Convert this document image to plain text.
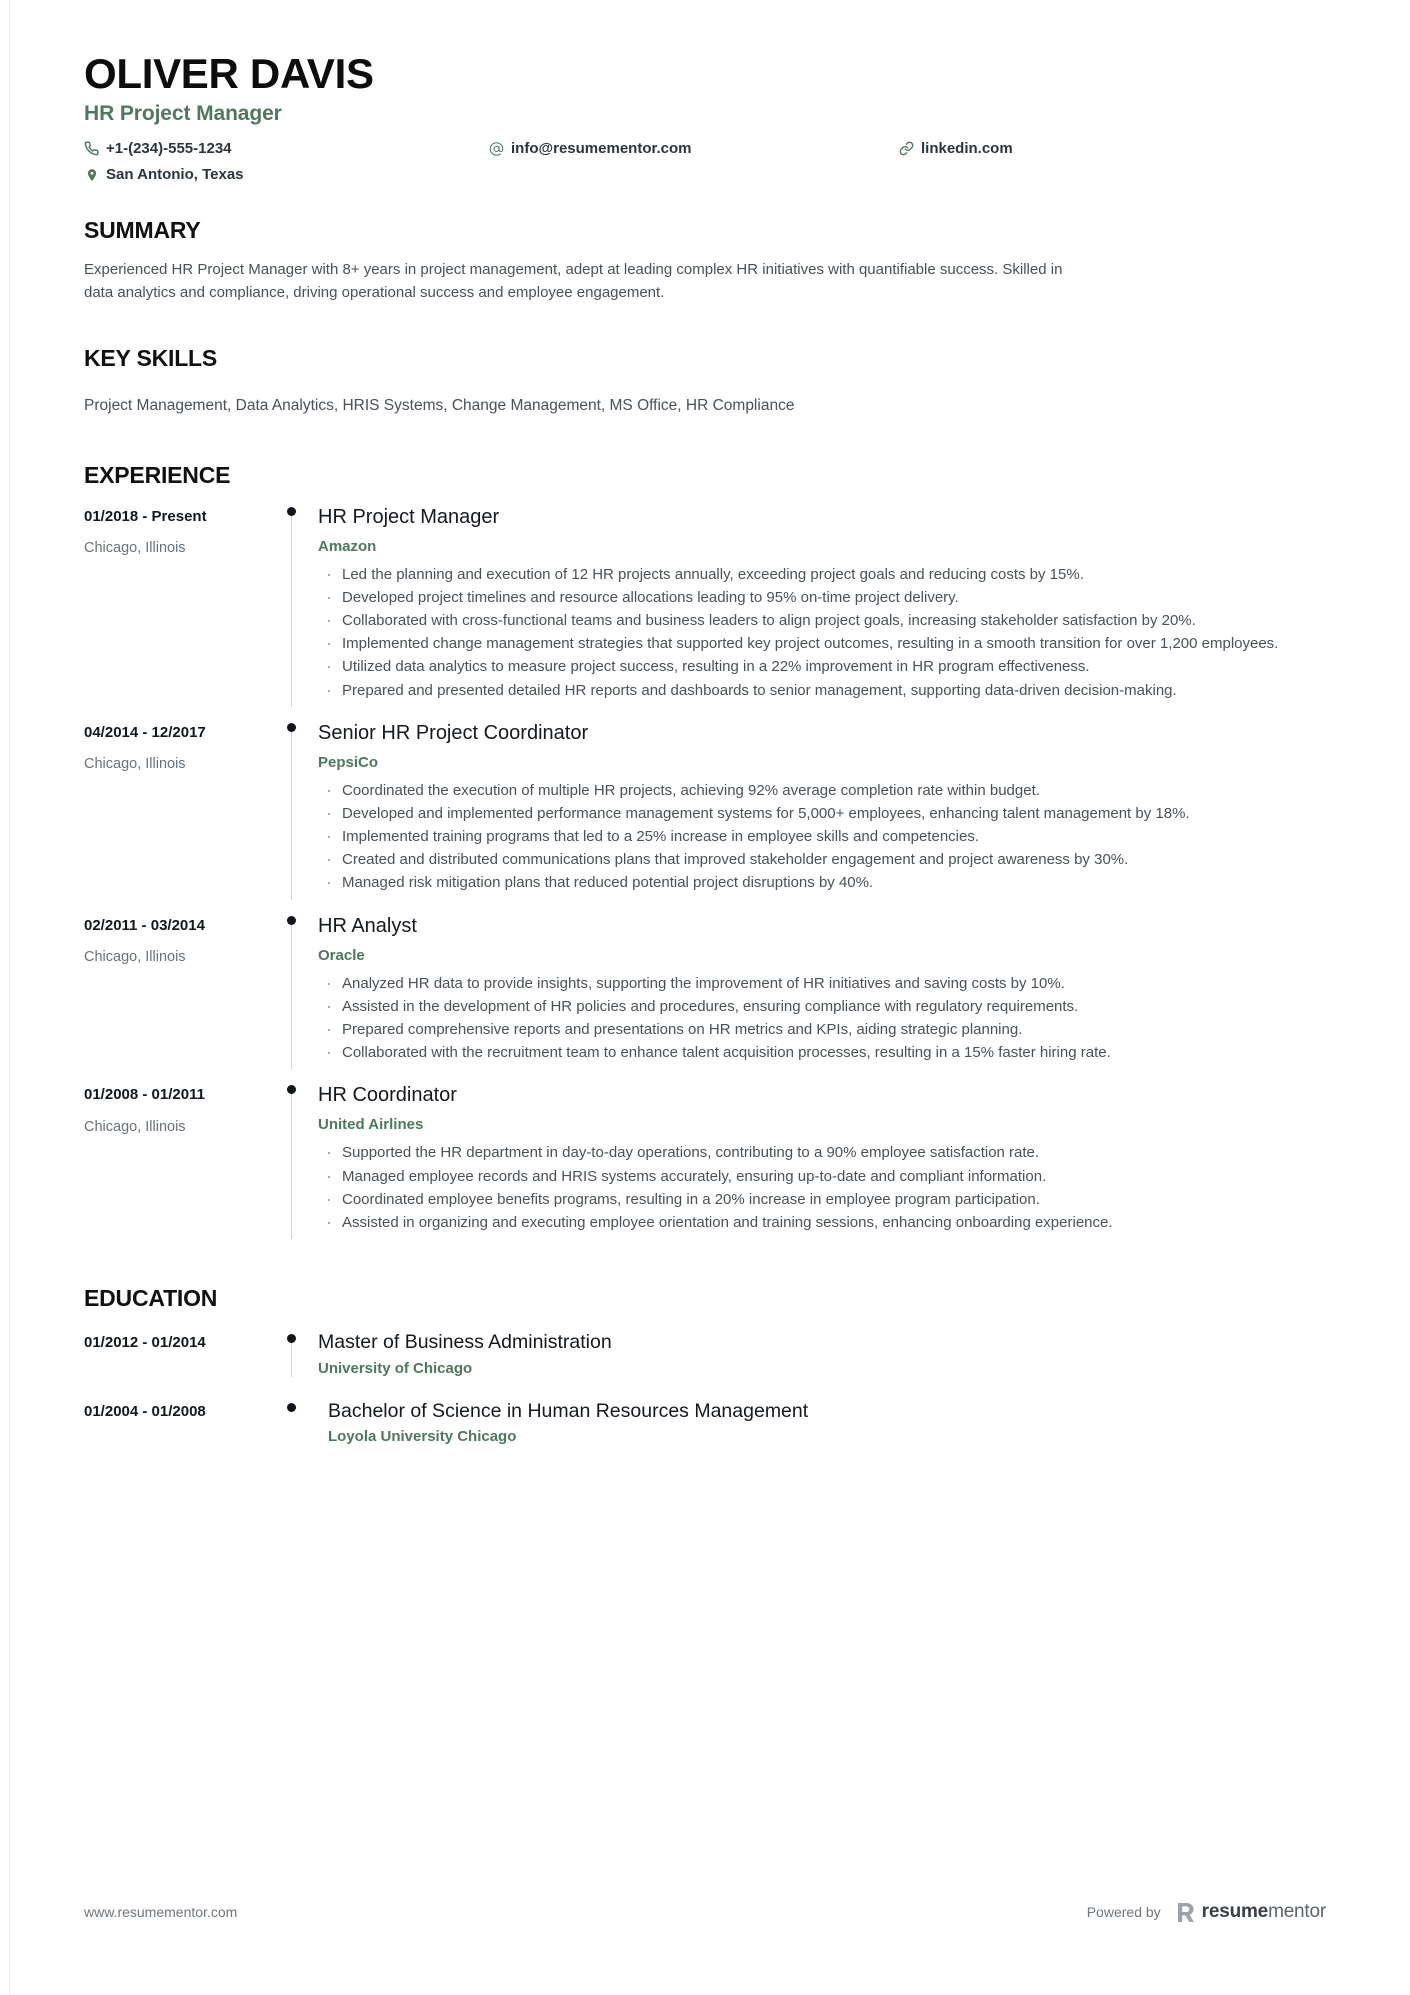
OLIVER DAVIS
HR Project Manager
+1-(234)-555-1234
San Antonio, Texas
info@resumementor.com	linkedin.com
SUMMARY

Experienced HR Project Manager with 8+ years in project management, adept at leading complex HR initiatives with quantifiable success. Skilled in data analytics and compliance, driving operational success and employee engagement.

KEY SKILLS

Project Management, Data Analytics, HRIS Systems, Change Management, MS Office, HR Compliance

EXPERIENCE
01/2018 - Present
Chicago, Illinois
HR Project Manager
Amazon
· Led the planning and execution of 12 HR projects annually, exceeding project goals and reducing costs by 15%.
· Developed project timelines and resource allocations leading to 95% on-time project delivery.
· Collaborated with cross-functional teams and business leaders to align project goals, increasing stakeholder satisfaction by 20%.
· Implemented change management strategies that supported key project outcomes, resulting in a smooth transition for over 1,200 employees.
· Utilized data analytics to measure project success, resulting in a 22% improvement in HR program effectiveness.
· Prepared and presented detailed HR reports and dashboards to senior management, supporting data-driven decision-making.
04/2014 - 12/2017
Chicago, Illinois
Senior HR Project Coordinator
PepsiCo
· Coordinated the execution of multiple HR projects, achieving 92% average completion rate within budget.
· Developed and implemented performance management systems for 5,000+ employees, enhancing talent management by 18%.
· Implemented training programs that led to a 25% increase in employee skills and competencies.
· Created and distributed communications plans that improved stakeholder engagement and project awareness by 30%.
· Managed risk mitigation plans that reduced potential project disruptions by 40%.
02/2011 - 03/2014
Chicago, Illinois
HR Analyst
Oracle
· Analyzed HR data to provide insights, supporting the improvement of HR initiatives and saving costs by 10%.
· Assisted in the development of HR policies and procedures, ensuring compliance with regulatory requirements.
· Prepared comprehensive reports and presentations on HR metrics and KPIs, aiding strategic planning.
· Collaborated with the recruitment team to enhance talent acquisition processes, resulting in a 15% faster hiring rate.
01/2008 - 01/2011
Chicago, Illinois
HR Coordinator
United Airlines
· Supported the HR department in day-to-day operations, contributing to a 90% employee satisfaction rate.
· Managed employee records and HRIS systems accurately, ensuring up-to-date and compliant information.
· Coordinated employee benefits programs, resulting in a 20% increase in employee program participation.
· Assisted in organizing and executing employee orientation and training sessions, enhancing onboarding experience.
EDUCATION
01/2012 - 01/2014	Master of Business Administration
University of Chicago
01/2004 - 01/2008	Bachelor of Science in Human Resources Management
Loyola University Chicago
www.resumementor.com	Powered by resumementor
